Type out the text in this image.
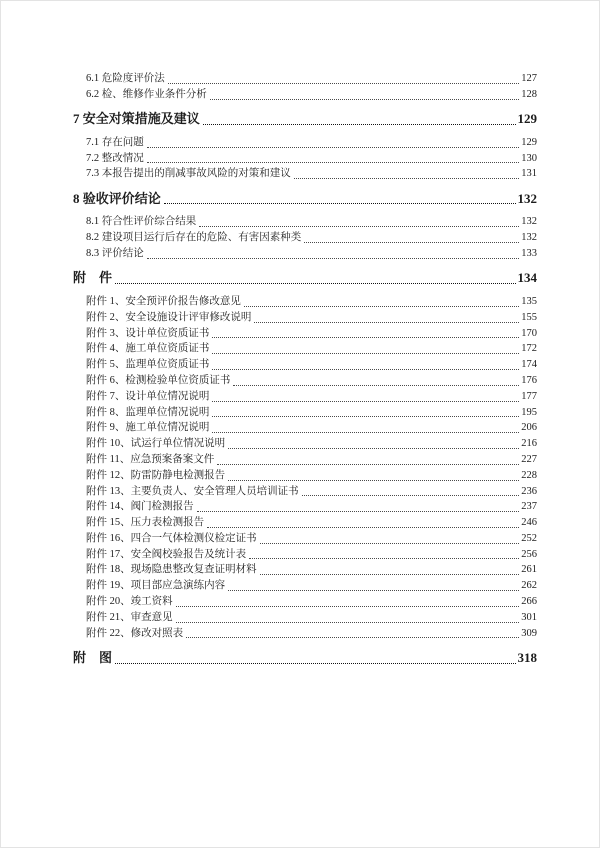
6.1 危险度评价法	127
6.2 检、维修作业条件分析	128
7 安全对策措施及建议	129
7.1 存在问题	129
7.2 整改情况	130
7.3 本报告提出的削减事故风险的对策和建议	131
8 验收评价结论	132
8.1 符合性评价综合结果	132
8.2 建设项目运行后存在的危险、有害因素种类	132
8.3 评价结论	133
附　件	134
附件 1、安全预评价报告修改意见	135
附件 2、安全设施设计评审修改说明	155
附件 3、设计单位资质证书	170
附件 4、施工单位资质证书	172
附件 5、监理单位资质证书	174
附件 6、检测检验单位资质证书	176
附件 7、设计单位情况说明	177
附件 8、监理单位情况说明	195
附件 9、施工单位情况说明	206
附件 10、试运行单位情况说明	216
附件 11、应急预案备案文件	227
附件 12、防雷防静电检测报告	228
附件 13、主要负责人、安全管理人员培训证书	236
附件 14、阀门检测报告	237
附件 15、压力表检测报告	246
附件 16、四合一气体检测仪检定证书	252
附件 17、安全阀校验报告及统计表	256
附件 18、现场隐患整改复查证明材料	261
附件 19、项目部应急演练内容	262
附件 20、竣工资料	266
附件 21、审查意见	301
附件 22、修改对照表	309
附　图	318
